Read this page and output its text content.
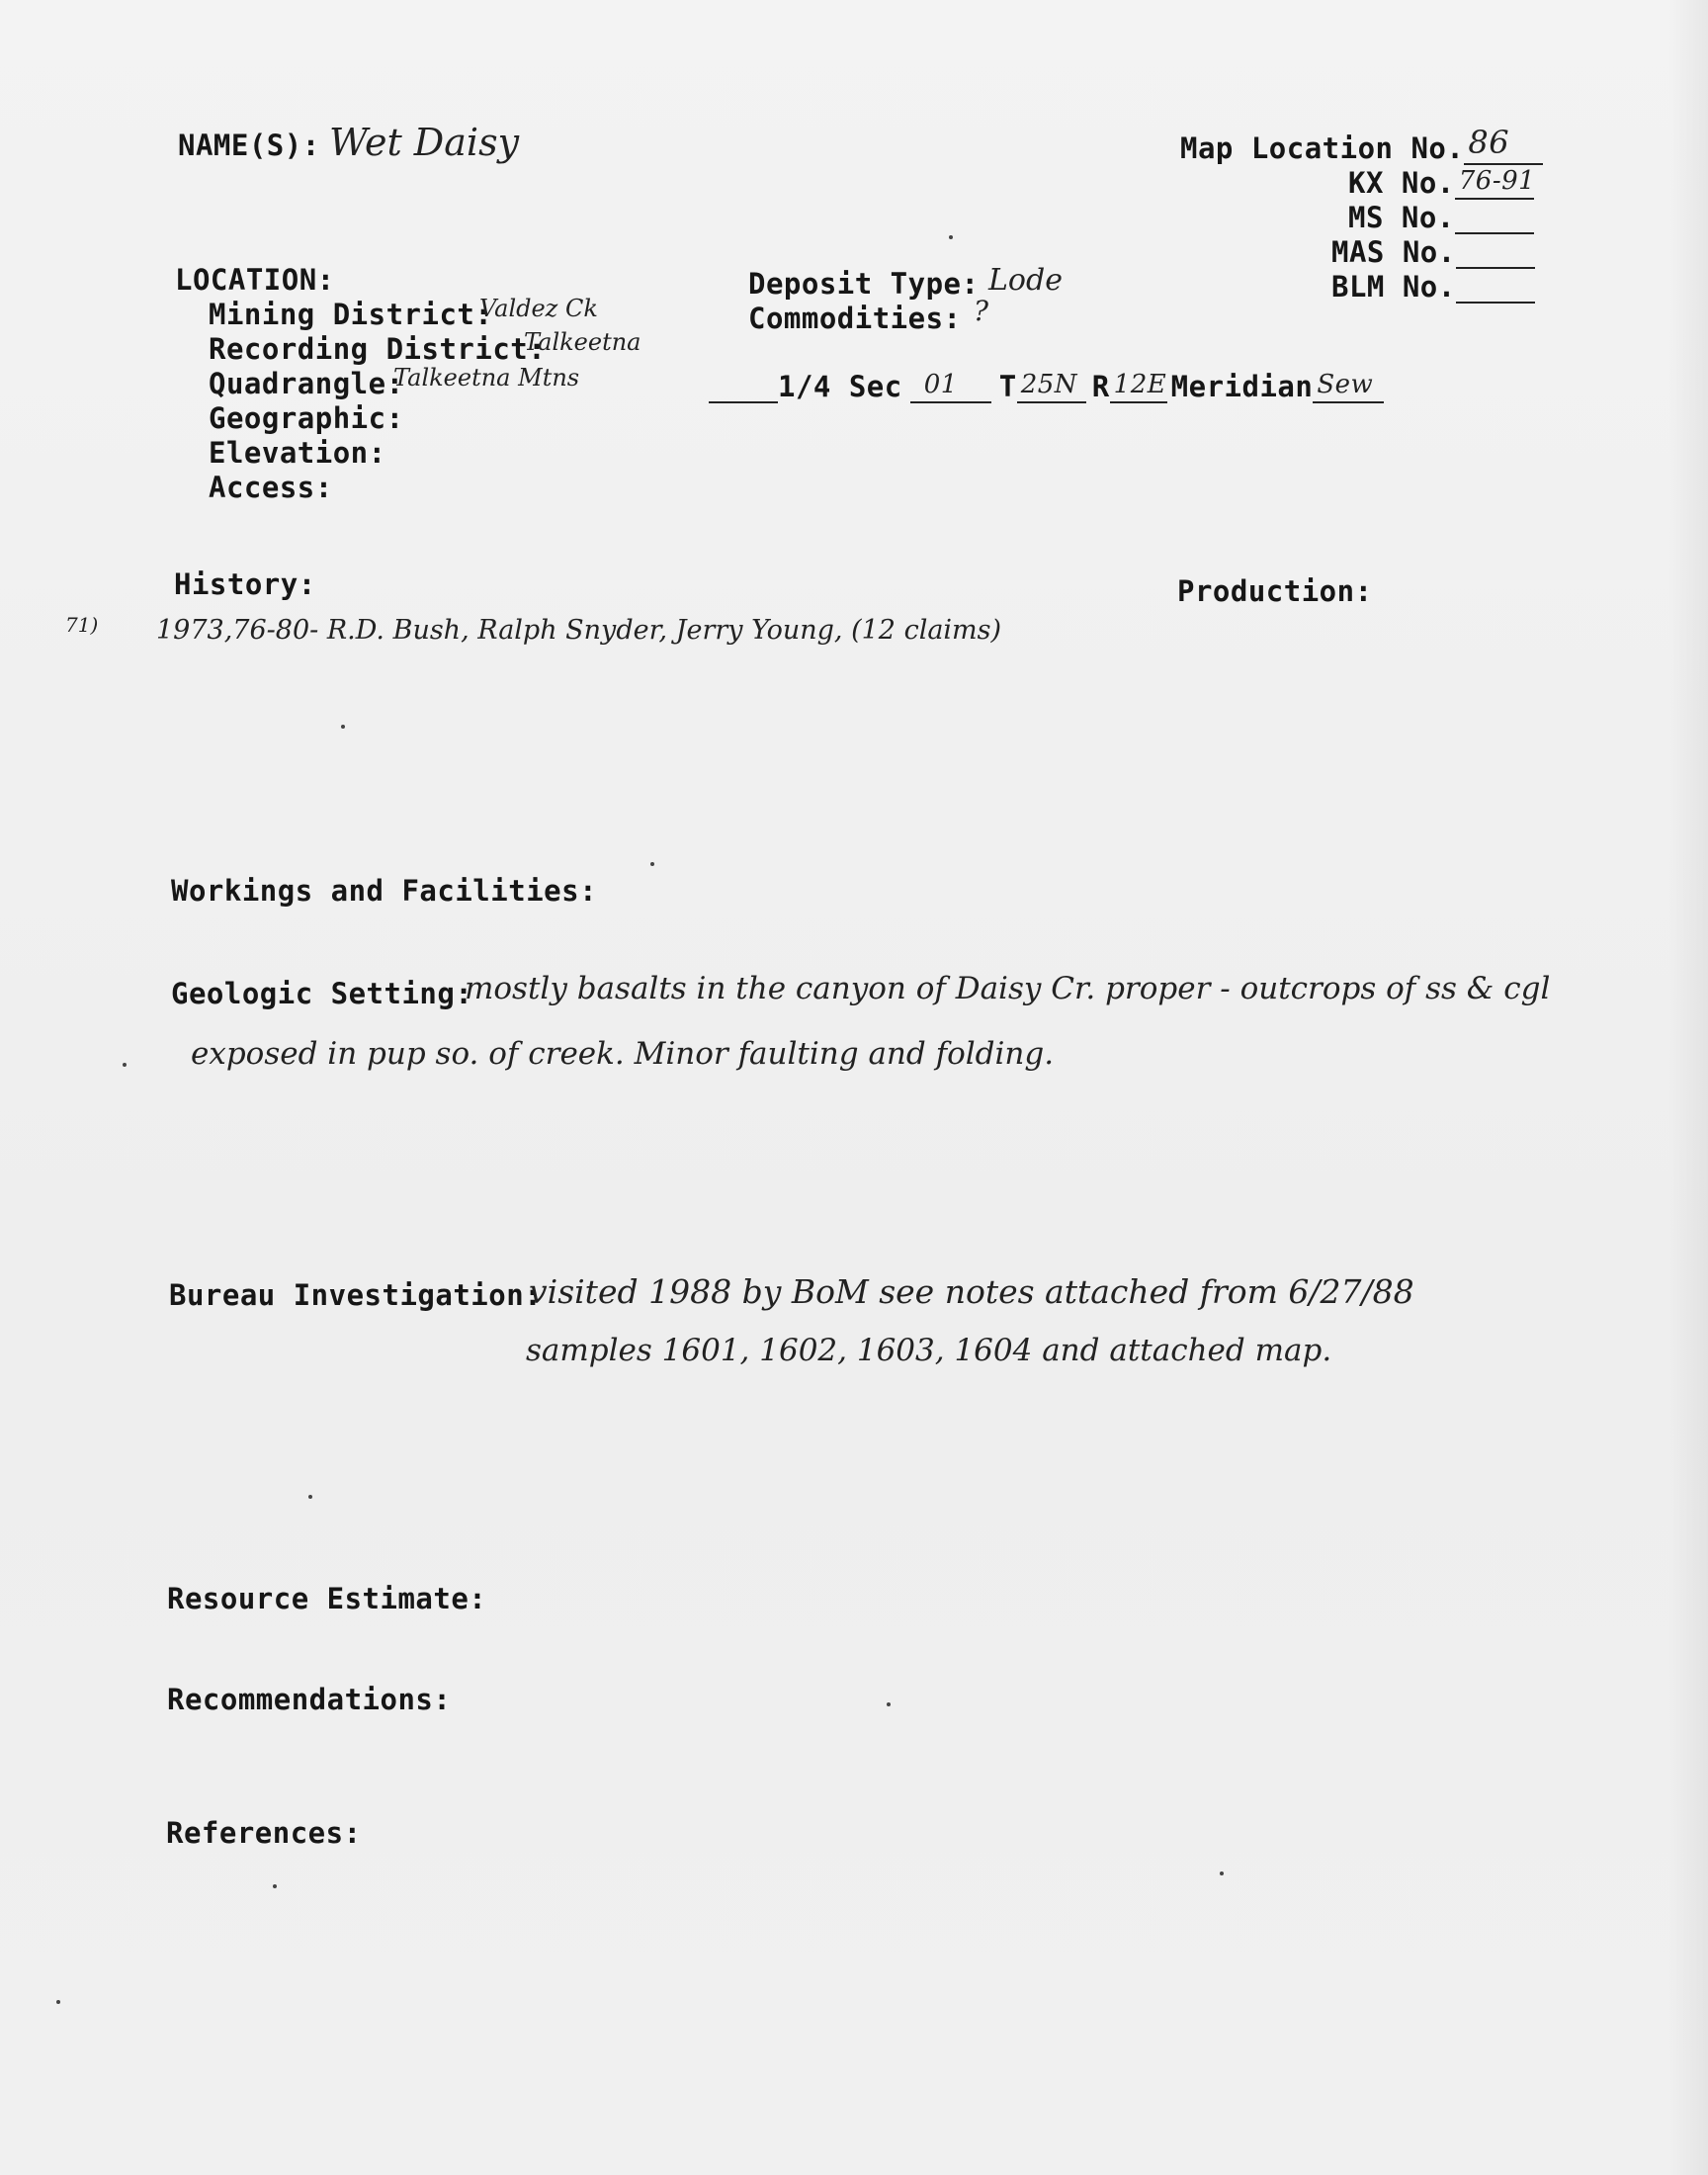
NAME(S): Wet Daisy	Map Location No. 86
KX No. 76-91
MS No.
MAS No.
BLM No.
LOCATION:
Mining District:
Valdez Ck
Recording District:
Talkeetna
Quadrangle:
Talkeetna Mtns
Geographic:
Elevation:
Access:
Deposit Type: Lode
Commodities: ?
1/4 Sec 01 T 25N R 12E Meridian Sew
History:	Production:
71) 1973,76-80- R.D. Bush, Ralph Snyder, Jerry Young, (12 claims)
Workings and Facilities:
Geologic Setting:
mostly basalts in the canyon of Daisy Cr. proper - outcrops of ss & cgl
exposed in pup so. of creek. Minor faulting and folding.
Bureau Investigation:
visited 1988 by BoM see notes attached from 6/27/88
samples 1601, 1602, 1603, 1604 and attached map.
Resource Estimate:
Recommendations:
References:
